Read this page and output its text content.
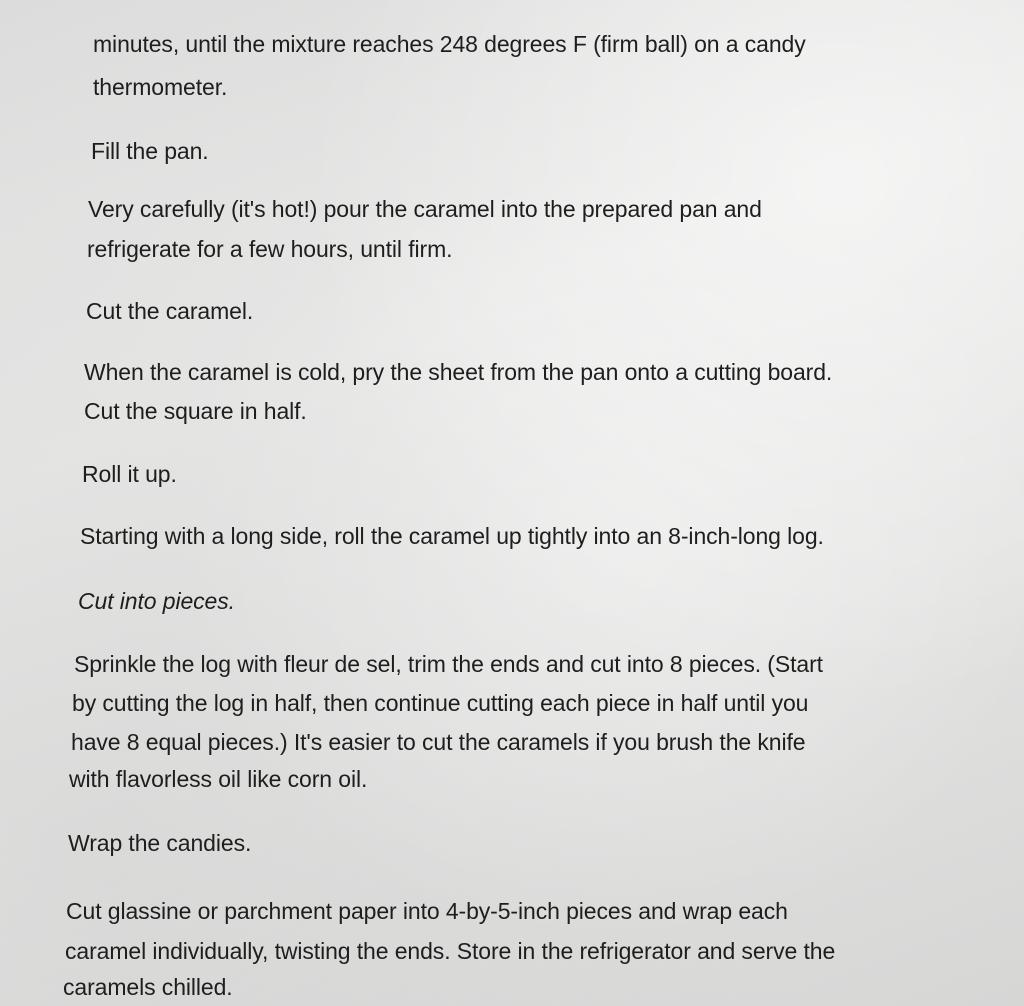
minutes, until the mixture reaches 248 degrees F (firm ball) on a candy
thermometer.
Fill the pan.
Very carefully (it's hot!) pour the caramel into the prepared pan and
refrigerate for a few hours, until firm.
Cut the caramel.
When the caramel is cold, pry the sheet from the pan onto a cutting board.
Cut the square in half.
Roll it up.
Starting with a long side, roll the caramel up tightly into an 8-inch-long log.
Cut into pieces.
Sprinkle the log with fleur de sel, trim the ends and cut into 8 pieces. (Start
by cutting the log in half, then continue cutting each piece in half until you
have 8 equal pieces.) It's easier to cut the caramels if you brush the knife
with flavorless oil like corn oil.
Wrap the candies.
Cut glassine or parchment paper into 4-by-5-inch pieces and wrap each
caramel individually, twisting the ends. Store in the refrigerator and serve the
caramels chilled.
